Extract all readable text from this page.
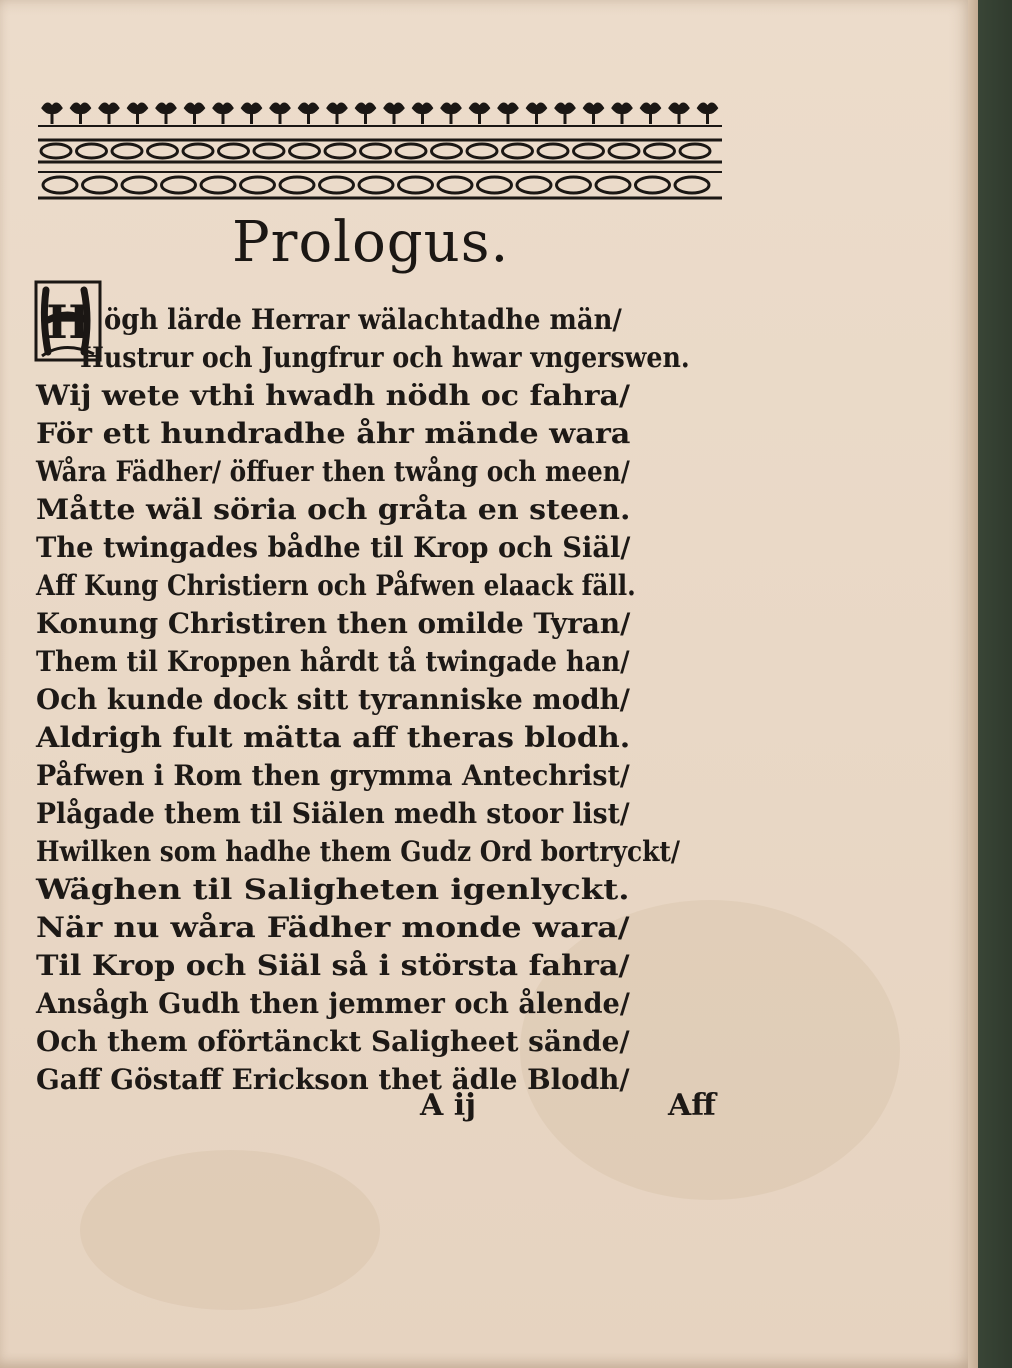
Prologus.
H ögh lärde Herrar wälachtadhe män/
Hustrur och Jungfrur och hwar vngerswen.
Wij wete vthi hwadh nödh oc fahra/
För ett hundradhe åhr mände wara
Wåra Fädher/ öffuer then twång och meen/
Måtte wäl söria och gråta en steen.
The twingades bådhe til Krop och Siäl/
Aff Kung Christiern och Påfwen elaack fäll.
Konung Christiren then omilde Tyran/
Them til Kroppen hårdt tå twingade han/
Och kunde dock sitt tyranniske modh/
Aldrigh fult mätta aff theras blodh.
Påfwen i Rom then grymma Antechrist/
Plågade them til Siälen medh stoor list/
Hwilken som hadhe them Gudz Ord bortryckt/
Wäghen til Saligheten igenlyckt.
När nu wåra Fädher monde wara/
Til Krop och Siäl så i största fahra/
Ansågh Gudh then jemmer och ålende/
Och them oförtänckt Saligheet sände/
Gaff Göstaff Erickson thet ädle Blodh/
A ij	Aff
